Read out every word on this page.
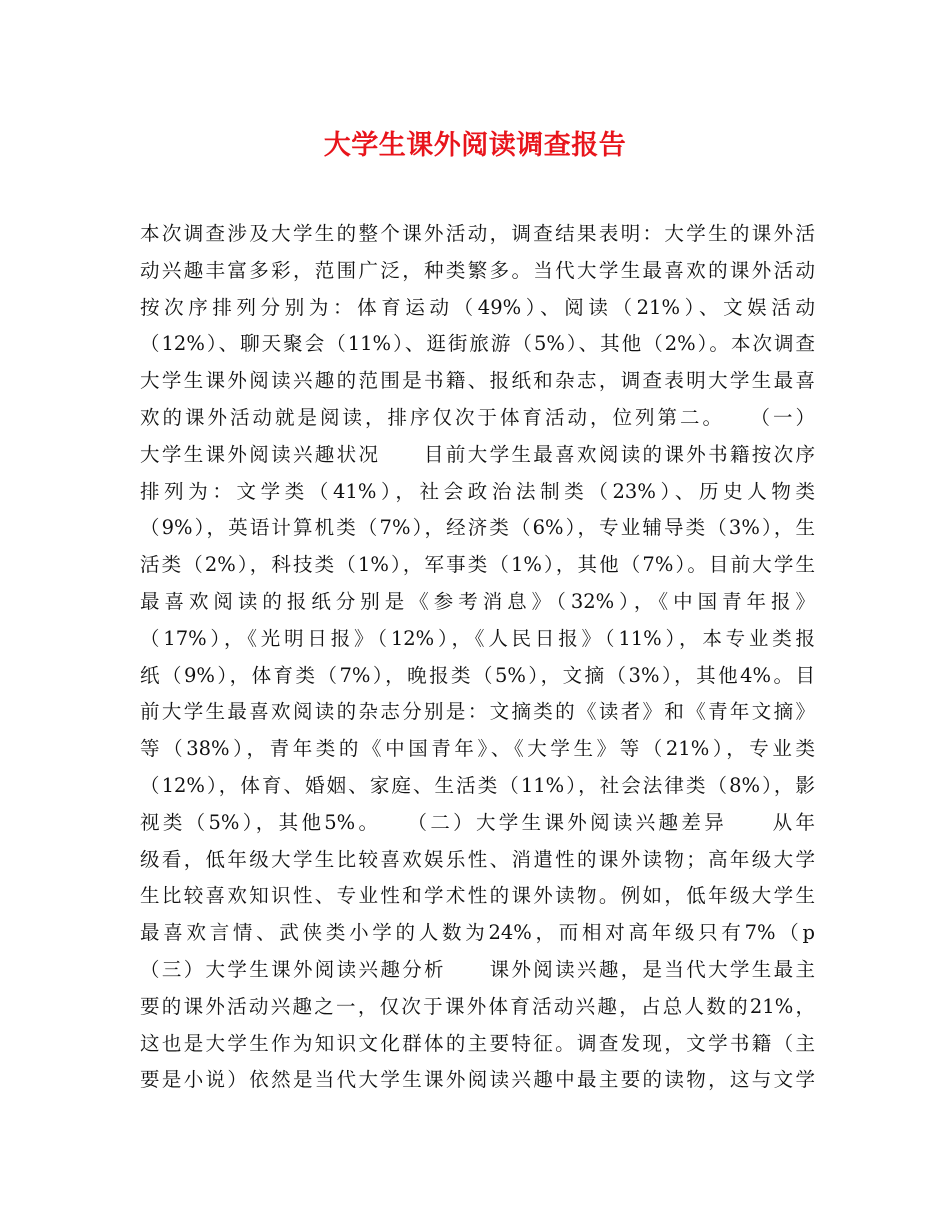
大学生课外阅读调查报告
本次调查涉及大学生的整个课外活动，调查结果表明：大学生的课外活
动兴趣丰富多彩，范围广泛，种类繁多。当代大学生最喜欢的课外活动
按次序排列分别为：体育运动（49%）、阅读（21%）、文娱活动
（12%）、聊天聚会（11%）、逛街旅游（5%）、其他（2%）。本次调查
大学生课外阅读兴趣的范围是书籍、报纸和杂志，调查表明大学生最喜
欢的课外活动就是阅读，排序仅次于体育活动，位列第二。　　（一）
大学生课外阅读兴趣状况　　目前大学生最喜欢阅读的课外书籍按次序
排列为：文学类（41%），社会政治法制类（23%）、历史人物类
（9%），英语计算机类（7%），经济类（6%），专业辅导类（3%），生
活类（2%），科技类（1%），军事类（1%），其他（7%）。目前大学生
最喜欢阅读的报纸分别是《参考消息》（32%），《中国青年报》
（17%），《光明日报》（12%），《人民日报》（11%），本专业类报
纸（9%），体育类（7%），晚报类（5%），文摘（3%），其他4%。目
前大学生最喜欢阅读的杂志分别是：文摘类的《读者》和《青年文摘》
等（38%），青年类的《中国青年》、《大学生》等（21%），专业类
（12%），体育、婚姻、家庭、生活类（11%），社会法律类（8%），影
视类（5%），其他5%。　　（二）大学生课外阅读兴趣差异　　从年
级看，低年级大学生比较喜欢娱乐性、消遣性的课外读物；高年级大学
生比较喜欢知识性、专业性和学术性的课外读物。例如，低年级大学生
最喜欢言情、武侠类小学的人数为24%，而相对高年级只有7%（p
（三）大学生课外阅读兴趣分析　　课外阅读兴趣，是当代大学生最主
要的课外活动兴趣之一，仅次于课外体育活动兴趣，占总人数的21%，
这也是大学生作为知识文化群体的主要特征。调查发现，文学书籍（主
要是小说）依然是当代大学生课外阅读兴趣中最主要的读物，这与文学
